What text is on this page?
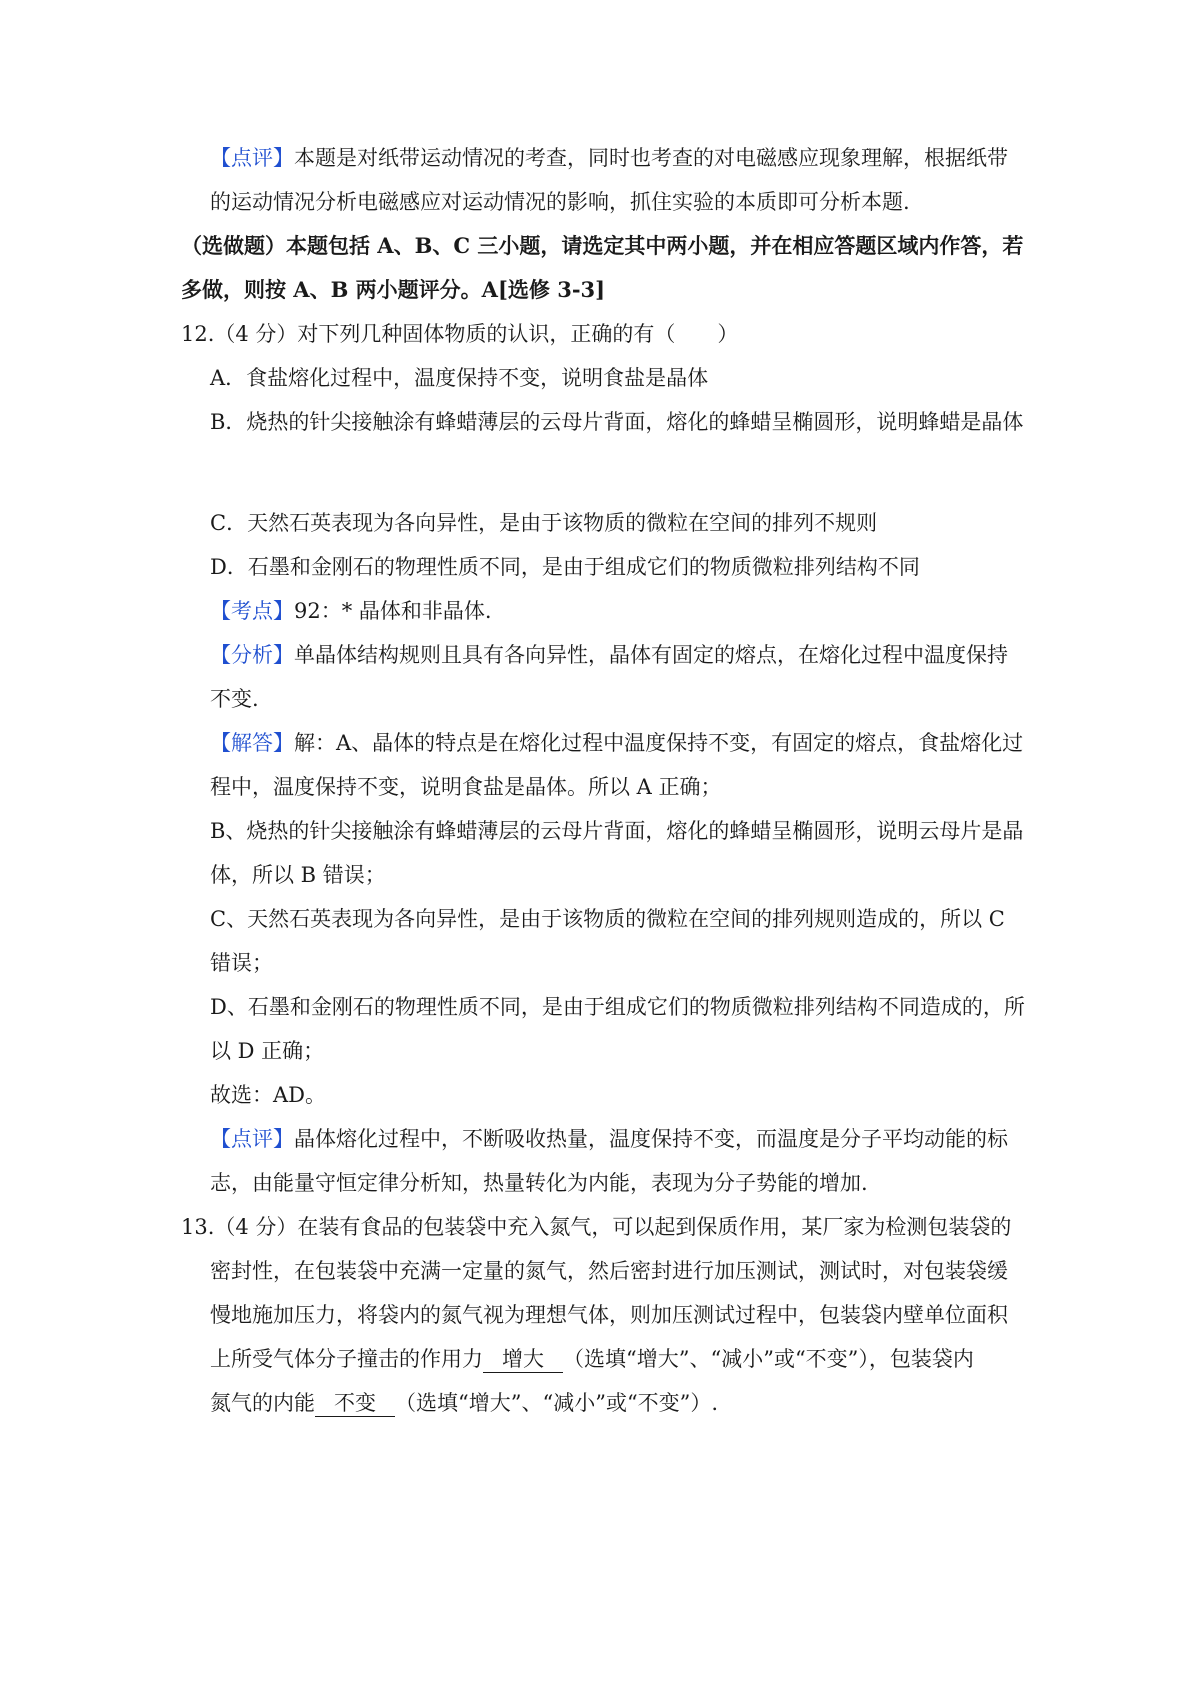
【点评】本题是对纸带运动情况的考查，同时也考查的对电磁感应现象理解，根据纸带
的运动情况分析电磁感应对运动情况的影响，抓住实验的本质即可分析本题.
（选做题）本题包括 A、B、C 三小题，请选定其中两小题，并在相应答题区域内作答，若
多做，则按 A、B 两小题评分。A[选修 3-3]
12.（4 分）对下列几种固体物质的认识，正确的有（　　）
A．食盐熔化过程中，温度保持不变，说明食盐是晶体
B．烧热的针尖接触涂有蜂蜡薄层的云母片背面，熔化的蜂蜡呈椭圆形，说明蜂蜡是晶体
C．天然石英表现为各向异性，是由于该物质的微粒在空间的排列不规则
D．石墨和金刚石的物理性质不同，是由于组成它们的物质微粒排列结构不同
【考点】92：* 晶体和非晶体.
【分析】单晶体结构规则且具有各向异性，晶体有固定的熔点，在熔化过程中温度保持
不变.
【解答】解：A、晶体的特点是在熔化过程中温度保持不变，有固定的熔点，食盐熔化过
程中，温度保持不变，说明食盐是晶体。所以 A 正确；
B、烧热的针尖接触涂有蜂蜡薄层的云母片背面，熔化的蜂蜡呈椭圆形，说明云母片是晶
体，所以 B 错误；
C、天然石英表现为各向异性，是由于该物质的微粒在空间的排列规则造成的，所以 C
错误；
D、石墨和金刚石的物理性质不同，是由于组成它们的物质微粒排列结构不同造成的，所
以 D 正确；
故选：AD。
【点评】晶体熔化过程中，不断吸收热量，温度保持不变，而温度是分子平均动能的标
志，由能量守恒定律分析知，热量转化为内能，表现为分子势能的增加.
13.（4 分）在装有食品的包装袋中充入氮气，可以起到保质作用，某厂家为检测包装袋的
密封性，在包装袋中充满一定量的氮气，然后密封进行加压测试，测试时，对包装袋缓
慢地施加压力，将袋内的氮气视为理想气体，则加压测试过程中，包装袋内壁单位面积
上所受气体分子撞击的作用力 增大 （选填“增大”、“减小”或“不变”），包装袋内
氮气的内能 不变 （选填“增大”、“减小”或“不变”）.
